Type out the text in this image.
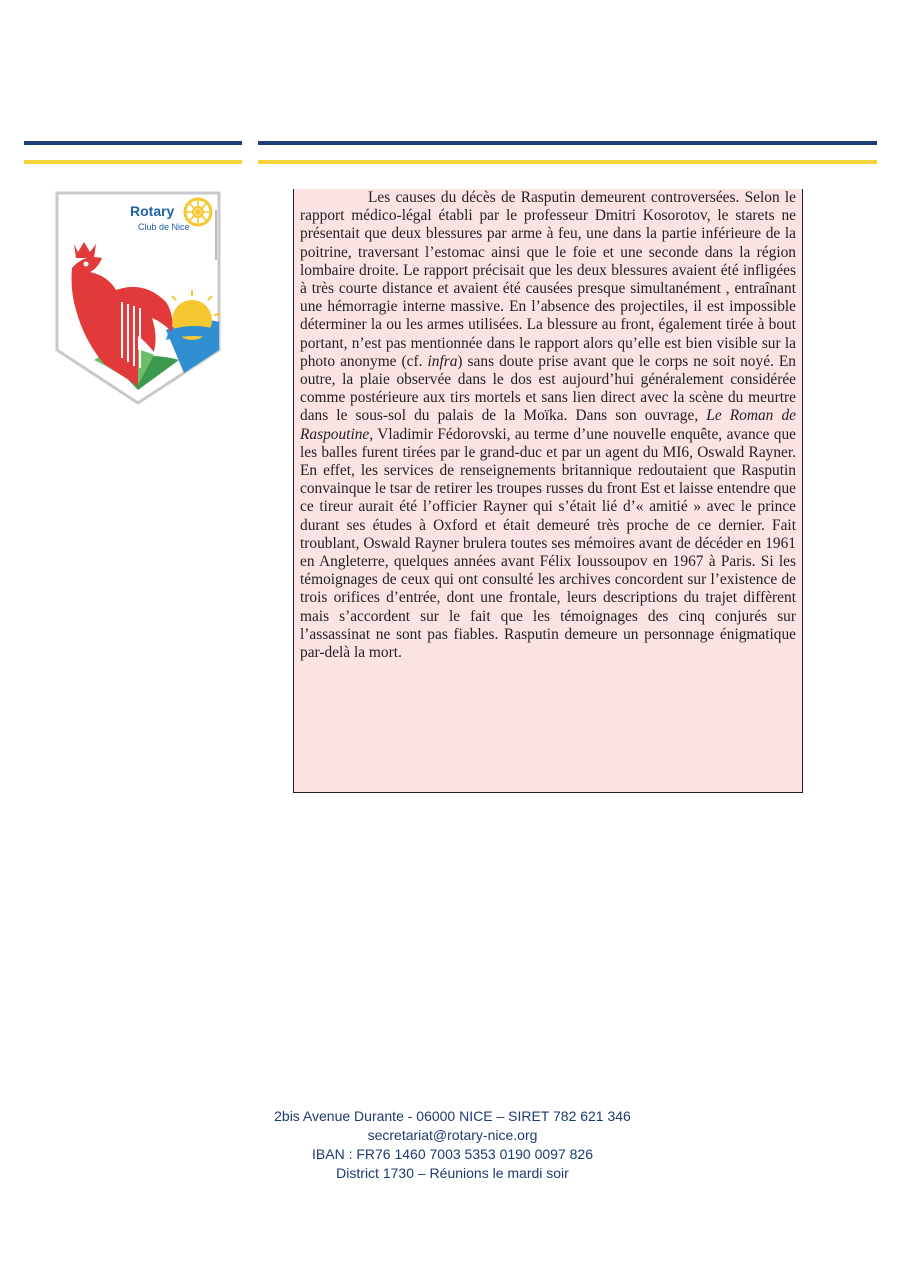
Rotary
Club de Nice

Les causes du décès de Rasputin demeurent controversées. Selon le rapport médico-légal établi par le professeur Dmitri Kosorotov, le starets ne présentait que deux blessures par arme à feu, une dans la partie inférieure de la poitrine, traversant l’estomac ainsi que le foie et une seconde dans la région lombaire droite. Le rapport précisait que les deux blessures avaient été infligées à très courte distance et avaient été causées presque simultanément , entraînant une hémorragie interne massive. En l’absence des projectiles, il est impossible déterminer la ou les armes utilisées. La blessure au front, également tirée à bout portant, n’est pas mentionnée dans le rapport alors qu’elle est bien visible sur la photo anonyme (cf. infra) sans doute prise avant que le corps ne soit noyé. En outre, la plaie observée dans le dos est aujourd’hui généralement considérée comme postérieure aux tirs mortels et sans lien direct avec la scène du meurtre dans le sous-sol du palais de la Moïka. Dans son ouvrage, Le Roman de Raspoutine, Vladimir Fédorovski, au terme d’une nouvelle enquête, avance que les balles furent tirées par le grand-duc et par un agent du MI6, Oswald Rayner. En effet, les services de renseignements britannique redoutaient que Rasputin convainque le tsar de retirer les troupes russes du front Est et laisse entendre que ce tireur aurait été l’officier Rayner qui s’était lié d’« amitié » avec le prince durant ses études à Oxford et était demeuré très proche de ce dernier. Fait troublant, Oswald Rayner brulera toutes ses mémoires avant de décéder en 1961 en Angleterre, quelques années avant Félix Ioussoupov en 1967 à Paris. Si les témoignages de ceux qui ont consulté les archives concordent sur l’existence de trois orifices d’entrée, dont une frontale, leurs descriptions du trajet diffèrent mais s’accordent sur le fait que les témoignages des cinq conjurés sur l’assassinat ne sont pas fiables. Rasputin demeure un personnage énigmatique par-delà la mort.

2bis Avenue Durante - 06000 NICE – SIRET 782 621 346
secretariat@rotary-nice.org
IBAN : FR76 1460 7003 5353 0190 0097 826
District 1730 – Réunions le mardi soir
